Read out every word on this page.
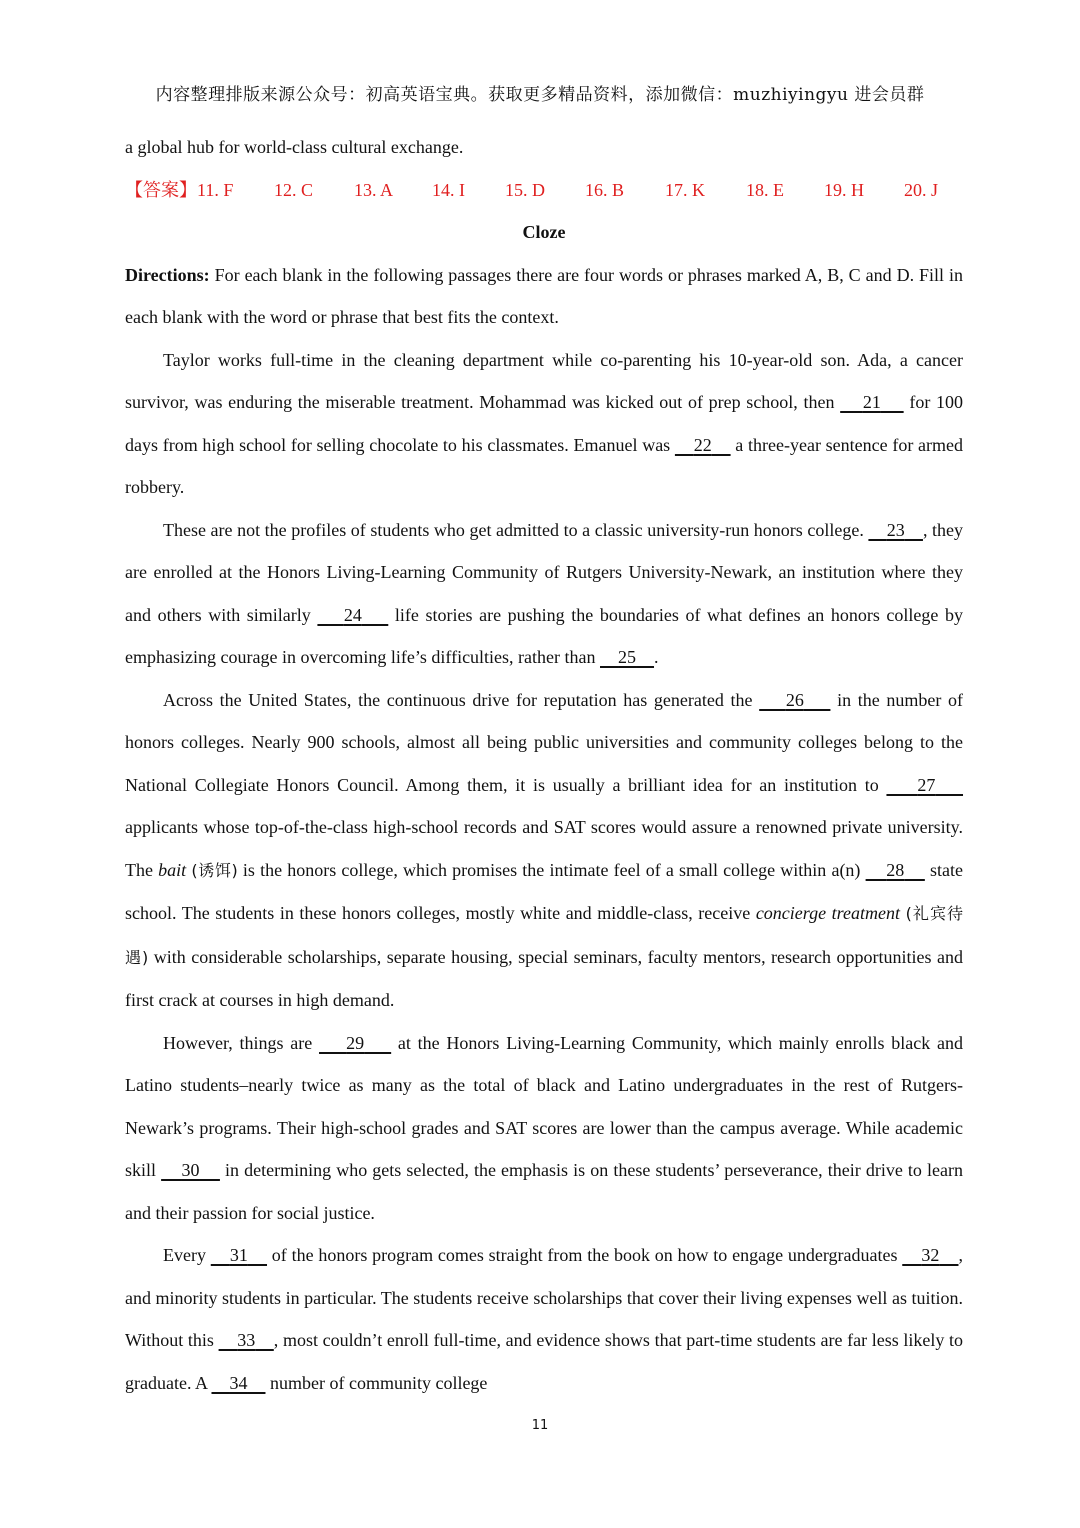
内容整理排版来源公众号：初高英语宝典。获取更多精品资料，添加微信：muzhiyingyu 进会员群
a global hub for world-class cultural exchange.
【答案】11. F 12. C 13. A 14. I 15. D 16. B 17. K 18. E 19. H 20. J
Cloze
Directions: For each blank in the following passages there are four words or phrases marked A, B, C and D. Fill in each blank with the word or phrase that best fits the context.
Taylor works full-time in the cleaning department while co-parenting his 10-year-old son. Ada, a cancer survivor, was enduring the miserable treatment. Mohammad was kicked out of prep school, then     21     for 100 days from high school for selling chocolate to his classmates. Emanuel was     22     a three-year sentence for armed robbery.
These are not the profiles of students who get admitted to a classic university-run honors college.     23 , they are enrolled at the Honors Living-Learning Community of Rutgers University-Newark, an institution where they and others with similarly     24     life stories are pushing the boundaries of what defines an honors college by emphasizing courage in overcoming life’s difficulties, rather than     25 .
Across the United States, the continuous drive for reputation has generated the     26     in the number of honors colleges. Nearly 900 schools, almost all being public universities and community colleges belong to the National Collegiate Honors Council. Among them, it is usually a brilliant idea for an institution to     27     applicants whose top-of-the-class high-school records and SAT scores would assure a renowned private university. The bait (诱饵) is the honors college, which promises the intimate feel of a small college within a(n)     28     state school. The students in these honors colleges, mostly white and middle-class, receive concierge treatment (礼宾待遇) with considerable scholarships, separate housing, special seminars, faculty mentors, research opportunities and first crack at courses in high demand.
However, things are     29     at the Honors Living-Learning Community, which mainly enrolls black and Latino students–nearly twice as many as the total of black and Latino undergraduates in the rest of Rutgers-Newark’s programs. Their high-school grades and SAT scores are lower than the campus average. While academic skill     30     in determining who gets selected, the emphasis is on these students’ perseverance, their drive to learn and their passion for social justice.
Every     31     of the honors program comes straight from the book on how to engage undergraduates     32 , and minority students in particular. The students receive scholarships that cover their living expenses well as tuition. Without this     33 , most couldn’t enroll full-time, and evidence shows that part-time students are far less likely to graduate. A     34     number of community college
11
